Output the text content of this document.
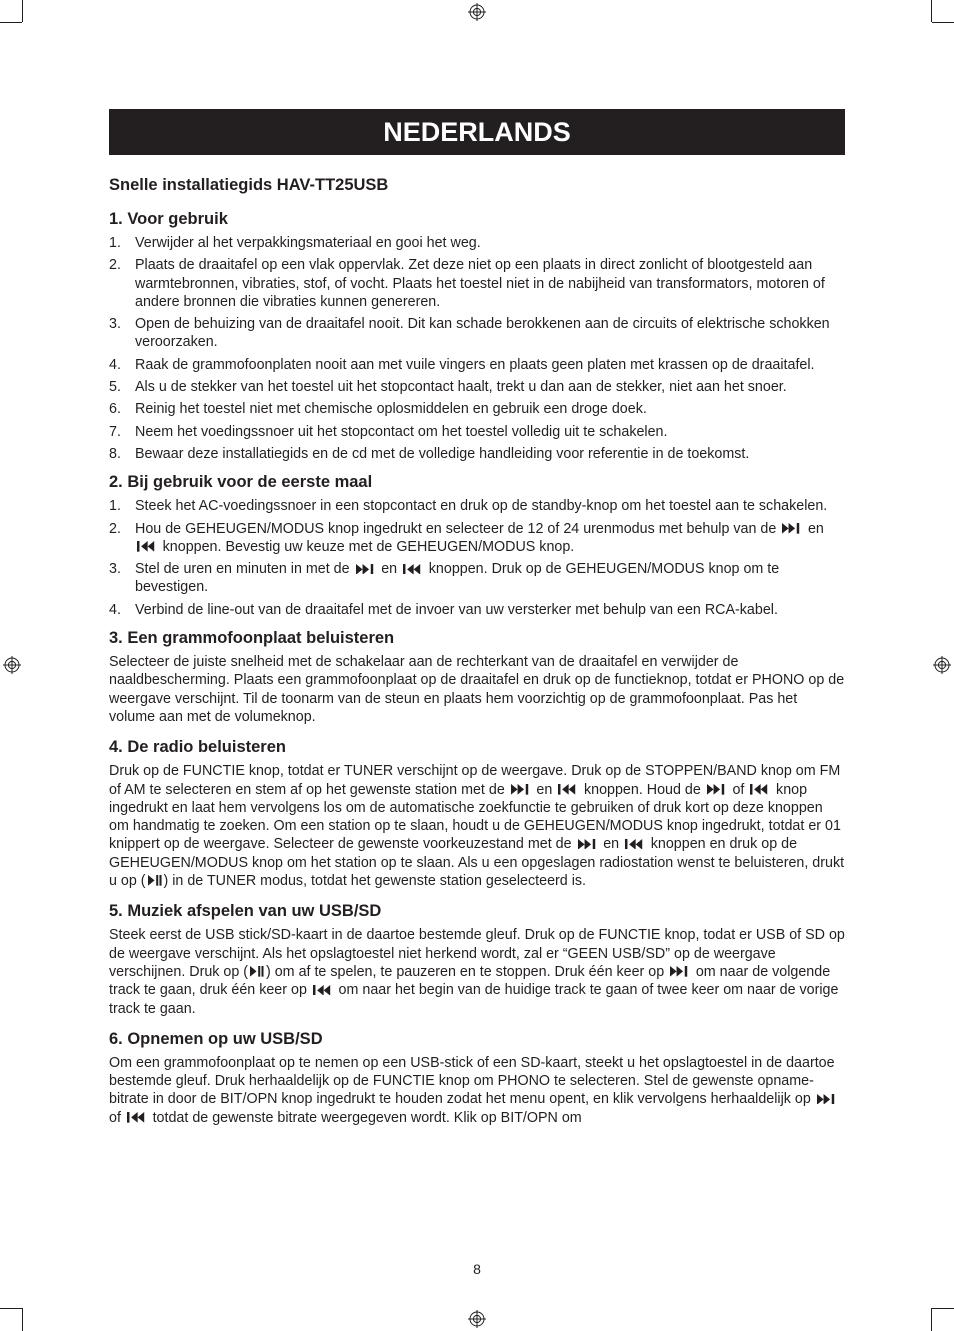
NEDERLANDS
Snelle installatiegids HAV-TT25USB
1. Voor gebruik
1. Verwijder al het verpakkingsmateriaal en gooi het weg.
2. Plaats de draaitafel op een vlak oppervlak. Zet deze niet op een plaats in direct zonlicht of blootgesteld aan warmtebronnen, vibraties, stof, of vocht. Plaats het toestel niet in de nabijheid van transformators, motoren of andere bronnen die vibraties kunnen genereren.
3. Open de behuizing van de draaitafel nooit. Dit kan schade berokkenen aan de circuits of elektrische schokken veroorzaken.
4. Raak de grammofoonplaten nooit aan met vuile vingers en plaats geen platen met krassen op de draaitafel.
5. Als u de stekker van het toestel uit het stopcontact haalt, trekt u dan aan de stekker, niet aan het snoer.
6. Reinig het toestel niet met chemische oplosmiddelen en gebruik een droge doek.
7. Neem het voedingssnoer uit het stopcontact om het toestel volledig uit te schakelen.
8. Bewaar deze installatiegids en de cd met de volledige handleiding voor referentie in de toekomst.
2. Bij gebruik voor de eerste maal
1. Steek het AC-voedingssnoer in een stopcontact en druk op de standby-knop om het toestel aan te schakelen.
2. Hou de GEHEUGEN/MODUS knop ingedrukt en selecteer de 12 of 24 urenmodus met behulp van de en  knoppen. Bevestig uw keuze met de GEHEUGEN/MODUS knop.
3. Stel de uren en minuten in met de en knoppen. Druk op de GEHEUGEN/MODUS knop om te bevestigen.
4. Verbind de line-out van de draaitafel met de invoer van uw versterker met behulp van een RCA-kabel.
3. Een grammofoonplaat beluisteren

Selecteer de juiste snelheid met de schakelaar aan de rechterkant van de draaitafel en verwijder de naaldbescherming. Plaats een grammofoonplaat op de draaitafel en druk op de functieknop, totdat er PHONO op de weergave verschijnt. Til de toonarm van de steun en plaats hem voorzichtig op de grammofoonplaat. Pas het volume aan met de volumeknop.

4. De radio beluisteren

Druk op de FUNCTIE knop, totdat er TUNER verschijnt op de weergave. Druk op de STOPPEN/BAND knop om FM of AM te selecteren en stem af op het gewenste station met de en knoppen. Houd de of knop ingedrukt en laat hem vervolgens los om de automatische zoekfunctie te gebruiken of druk kort op deze knoppen om handmatig te zoeken. Om een station op te slaan, houdt u de GEHEUGEN/MODUS knop ingedrukt, totdat er 01 knippert op de weergave. Selecteer de gewenste voorkeuzestand met de en knoppen en druk op de GEHEUGEN/MODUS knop om het station op te slaan. Als u een opgeslagen radiostation wenst te beluisteren, drukt u op ( ) in de TUNER modus, totdat het gewenste station geselecteerd is.

5. Muziek afspelen van uw USB/SD

Steek eerst de USB stick/SD-kaart in de daartoe bestemde gleuf. Druk op de FUNCTIE knop, todat er USB of SD op de weergave verschijnt. Als het opslagtoestel niet herkend wordt, zal er “GEEN USB/SD” op de weergave verschijnen. Druk op ( ) om af te spelen, te pauzeren en te stoppen. Druk één keer op om naar de volgende track te gaan, druk één keer op om naar het begin van de huidige track te gaan of twee keer om naar de vorige track te gaan.

6. Opnemen op uw USB/SD

Om een grammofoonplaat op te nemen op een USB-stick of een SD-kaart, steekt u het opslagtoestel in de daartoe bestemde gleuf. Druk herhaaldelijk op de FUNCTIE knop om PHONO te selecteren. Stel de gewenste opname-bitrate in door de BIT/OPN knop ingedrukt te houden zodat het menu opent, en klik vervolgens herhaaldelijk op  of totdat de gewenste bitrate weergegeven wordt. Klik op BIT/OPN om

8
